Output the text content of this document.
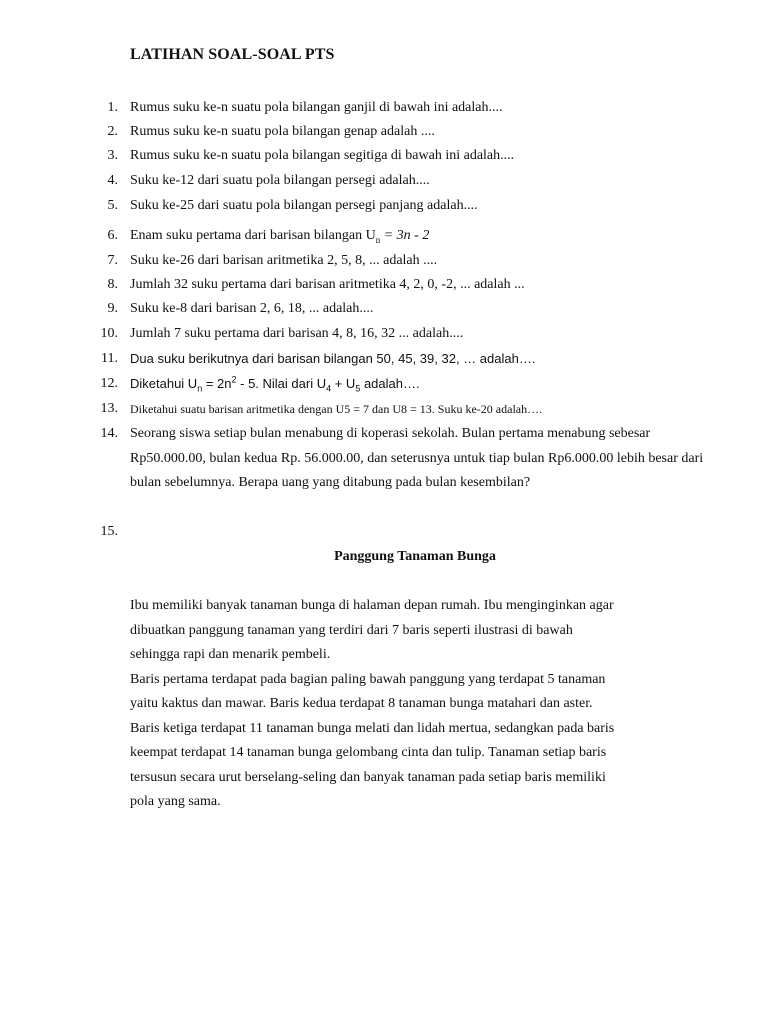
LATIHAN SOAL-SOAL PTS
1. Rumus suku ke-n suatu pola bilangan ganjil di bawah ini adalah....
2. Rumus suku ke-n suatu pola bilangan genap adalah ....
3. Rumus suku ke-n suatu pola bilangan segitiga di bawah ini adalah....
4. Suku ke-12 dari suatu pola bilangan persegi adalah....
5. Suku ke-25 dari suatu pola bilangan persegi panjang adalah....
6. Enam suku pertama dari barisan bilangan $U_n = 3n - 2$
7. Suku ke-26 dari barisan aritmetika 2, 5, 8, ... adalah ....
8. Jumlah 32 suku pertama dari barisan aritmetika 4, 2, 0, -2, ... adalah ...
9. Suku ke-8 dari barisan 2, 6, 18, ... adalah....
10. Jumlah 7 suku pertama dari barisan 4, 8, 16, 32 ... adalah....
11. Dua suku berikutnya dari barisan bilangan 50, 45, 39, 32, … adalah….
12. Diketahui $U_n = 2n^2 - 5$. Nilai dari $U_4 + U_5$ adalah….
13. Diketahui suatu barisan aritmetika dengan U5 = 7 dan U8 = 13. Suku ke-20 adalah….
14. Seorang siswa setiap bulan menabung di koperasi sekolah. Bulan pertama menabung sebesar
Rp50.000.00, bulan kedua Rp. 56.000.00, dan seterusnya untuk tiap bulan Rp6.000.00 lebih besar dari
bulan sebelumnya. Berapa uang yang ditabung pada bulan kesembilan?
15.
Panggung Tanaman Bunga
Ibu memiliki banyak tanaman bunga di halaman depan rumah. Ibu menginginkan agar
dibuatkan panggung tanaman yang terdiri dari 7 baris seperti ilustrasi di bawah
sehingga rapi dan menarik pembeli.
Baris pertama terdapat pada bagian paling bawah panggung yang terdapat 5 tanaman
yaitu kaktus dan mawar. Baris kedua terdapat 8 tanaman bunga matahari dan aster.
Baris ketiga terdapat 11 tanaman bunga melati dan lidah mertua, sedangkan pada baris
keempat terdapat 14 tanaman bunga gelombang cinta dan tulip. Tanaman setiap baris
tersusun secara urut berselang-seling dan banyak tanaman pada setiap baris memiliki
pola yang sama.
